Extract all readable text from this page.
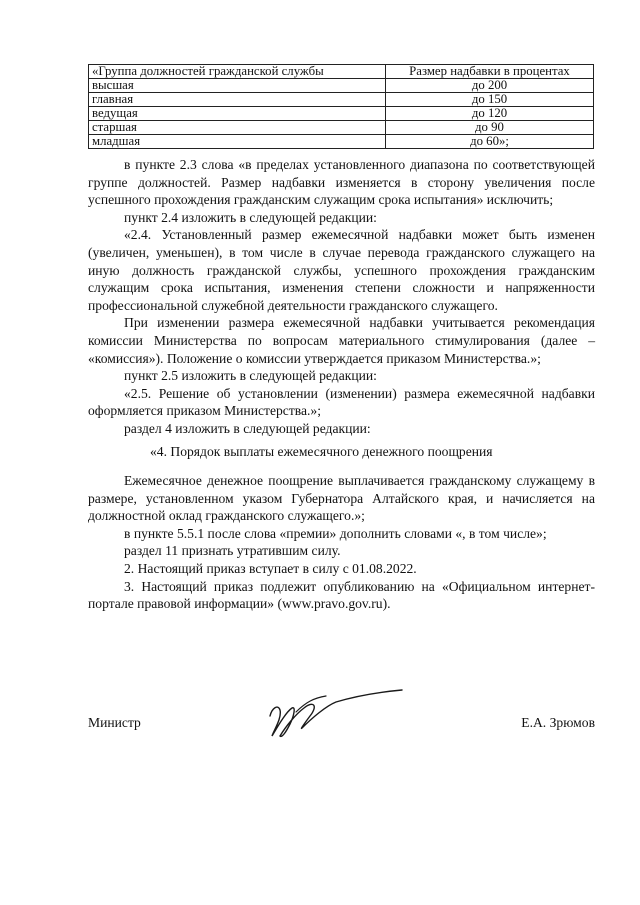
«Группа должностей гражданской службы	Размер надбавки в процентах
высшая	до 200
главная	до 150
ведущая	до 120
старшая	до 90
младшая	до 60»;

в пункте 2.3 слова «в пределах установленного диапазона по соответствующей группе должностей. Размер надбавки изменяется в сторону увеличения после успешного прохождения гражданским служащим срока испытания» исключить;

пункт 2.4 изложить в следующей редакции:

«2.4. Установленный размер ежемесячной надбавки может быть изменен (увеличен, уменьшен), в том числе в случае перевода гражданского служащего на иную должность гражданской службы, успешного прохождения гражданским служащим срока испытания, изменения степени сложности и напряженности профессиональной служебной деятельности гражданского служащего.

При изменении размера ежемесячной надбавки учитывается рекомендация комиссии Министерства по вопросам материального стимулирования (далее – «комиссия»). Положение о комиссии утверждается приказом Министерства.»;

пункт 2.5 изложить в следующей редакции:

«2.5. Решение об установлении (изменении) размера ежемесячной надбавки оформляется приказом Министерства.»;

раздел 4 изложить в следующей редакции:

«4. Порядок выплаты ежемесячного денежного поощрения

Ежемесячное денежное поощрение выплачивается гражданскому служащему в размере, установленном указом Губернатора Алтайского края, и начисляется на должностной оклад гражданского служащего.»;

в пункте 5.5.1 после слова «премии» дополнить словами «, в том числе»;

раздел 11 признать утратившим силу.

2. Настоящий приказ вступает в силу с 01.08.2022.

3. Настоящий приказ подлежит опубликованию на «Официальном интернет-портале правовой информации» (www.pravo.gov.ru).

Министр	Е.А. Зрюмов
